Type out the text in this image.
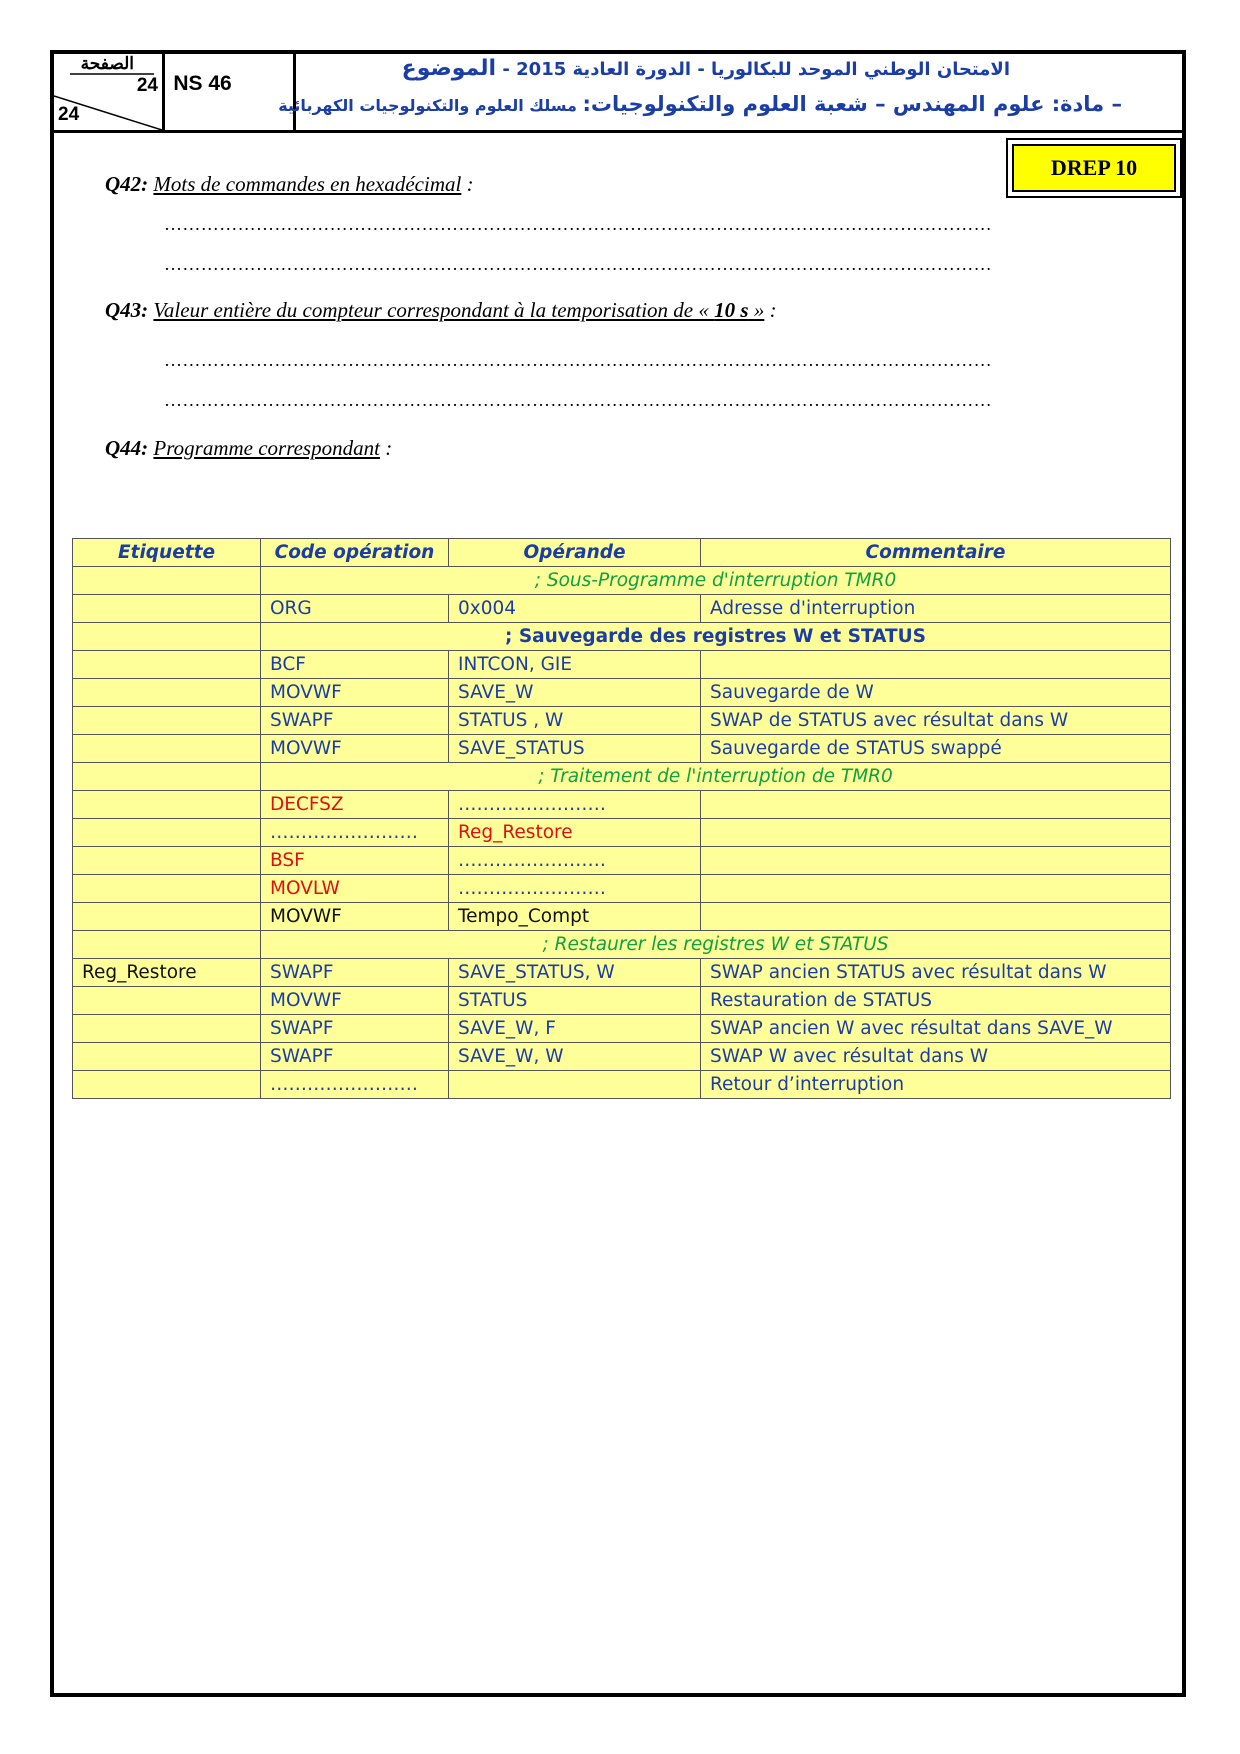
الصفحة
24
24
NS 46
الامتحان الوطني الموحد للبكالوريا - الدورة العادية 2015 - الموضوع
– مادة: علوم المهندس – شعبة العلوم والتكنولوجيات: مسلك العلوم والتكنولوجيات الكهربائية
DREP 10
Q42: Mots de commandes en hexadécimal :
………………………………………………………………………………………………………………………
………………………………………………………………………………………………………………………
Q43: Valeur entière du compteur correspondant à la temporisation de « 10 s » :
………………………………………………………………………………………………………………………
………………………………………………………………………………………………………………………
Q44: Programme correspondant :
Etiquette	Code opération	Opérande	Commentaire
	; Sous-Programme d'interruption TMR0		
	ORG	0x004	Adresse d'interruption
	; Sauvegarde des registres W et STATUS		
	BCF	INTCON, GIE	
	MOVWF	SAVE_W	Sauvegarde de W
	SWAPF	STATUS , W	SWAP de STATUS avec résultat dans W
	MOVWF	SAVE_STATUS	Sauvegarde de STATUS swappé
	; Traitement de l'interruption de TMR0		
	DECFSZ	……………………	
	……………………	Reg_Restore	
	BSF	……………………	
	MOVLW	……………………	
	MOVWF	Tempo_Compt	
	; Restaurer les registres W et STATUS		
Reg_Restore	SWAPF	SAVE_STATUS, W	SWAP ancien STATUS avec résultat dans W
	MOVWF	STATUS	Restauration de STATUS
	SWAPF	SAVE_W, F	SWAP ancien W avec résultat dans SAVE_W
	SWAPF	SAVE_W, W	SWAP W avec résultat dans W
	……………………		Retour d’interruption
